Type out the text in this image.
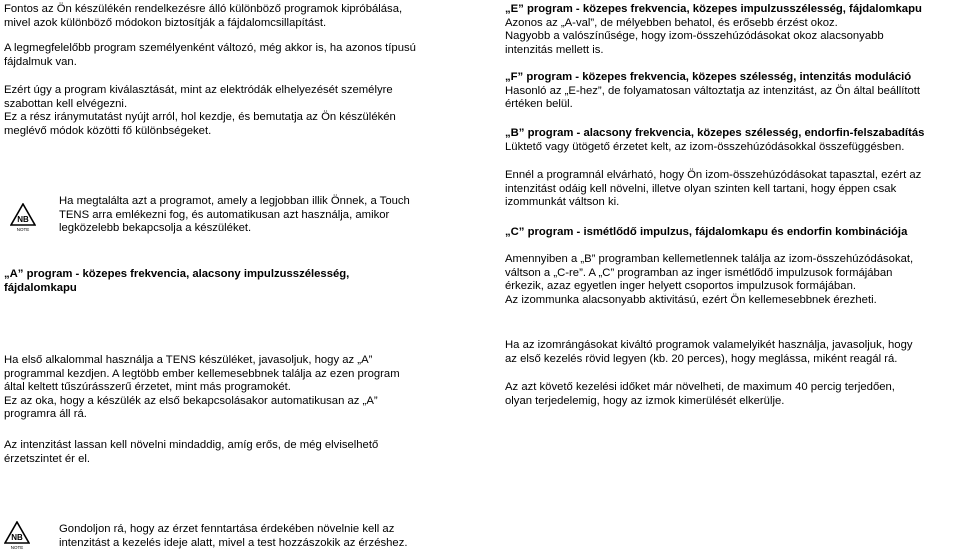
Fontos az Ön készülékén rendelkezésre álló különböző programok kipróbálása,
mivel azok különböző módokon biztosítják a fájdalomcsillapítást.
A legmegfelelőbb program személyenként változó, még akkor is, ha azonos típusú
fájdalmuk van.
Ezért úgy a program kiválasztását, mint az elektródák elhelyezését személyre
szabottan kell elvégezni.
Ez a rész iránymutatást nyújt arról, hol kezdje, és bemutatja az Ön készülékén
meglévő módok közötti fő különbségeket.
NB
NOTE
Ha megtalálta azt a programot, amely a legjobban illik Önnek, a Touch
TENS arra emlékezni fog, és automatikusan azt használja, amikor
legközelebb bekapcsolja a készüléket.
„A” program - közepes frekvencia, alacsony impulzusszélesség,
fájdalomkapu
Ha első alkalommal használja a TENS készüléket, javasoljuk, hogy az „A”
programmal kezdjen. A legtöbb ember kellemesebbnek találja az ezen program
által keltett tűszúrásszerű érzetet, mint más programokét.
Ez az oka, hogy a készülék az első bekapcsolásakor automatikusan az „A”
programra áll rá.
Az intenzitást lassan kell növelni mindaddig, amíg erős, de még elviselhető
érzetszintet ér el.
NB
NOTE
Gondoljon rá, hogy az érzet fenntartása érdekében növelnie kell az
intenzitást a kezelés ideje alatt, mivel a test hozzászokik az érzéshez.
„E” program - közepes frekvencia, közepes impulzusszélesség, fájdalomkapu
Azonos az „A-val”, de mélyebben behatol, és erősebb érzést okoz.
Nagyobb a valószínűsége, hogy izom-összehúzódásokat okoz alacsonyabb
intenzitás mellett is.
„F” program - közepes frekvencia, közepes szélesség, intenzitás moduláció
Hasonló az „E-hez”, de folyamatosan változtatja az intenzitást, az Ön által beállított
értéken belül.
„B” program - alacsony frekvencia, közepes szélesség, endorfin-felszabadítás
Lüktető vagy ütögető érzetet kelt, az izom-összehúzódásokkal összefüggésben.
Ennél a programnál elvárható, hogy Ön izom-összehúzódásokat tapasztal, ezért az
intenzitást odáig kell növelni, illetve olyan szinten kell tartani, hogy éppen csak
izommunkát váltson ki.
„C” program - ismétlődő impulzus, fájdalomkapu és endorfin kombinációja
Amennyiben a „B” programban kellemetlennek találja az izom-összehúzódásokat,
váltson a „C-re”. A „C” programban az inger ismétlődő impulzusok formájában
érkezik, azaz egyetlen inger helyett csoportos impulzusok formájában.
Az izommunka alacsonyabb aktivitású, ezért Ön kellemesebbnek érezheti.
Ha az izomrángásokat kiváltó programok valamelyikét használja, javasoljuk, hogy
az első kezelés rövid legyen (kb. 20 perces), hogy meglássa, miként reagál rá.
Az azt követő kezelési időket már növelheti, de maximum 40 percig terjedően,
olyan terjedelemig, hogy az izmok kimerülését elkerülje.
